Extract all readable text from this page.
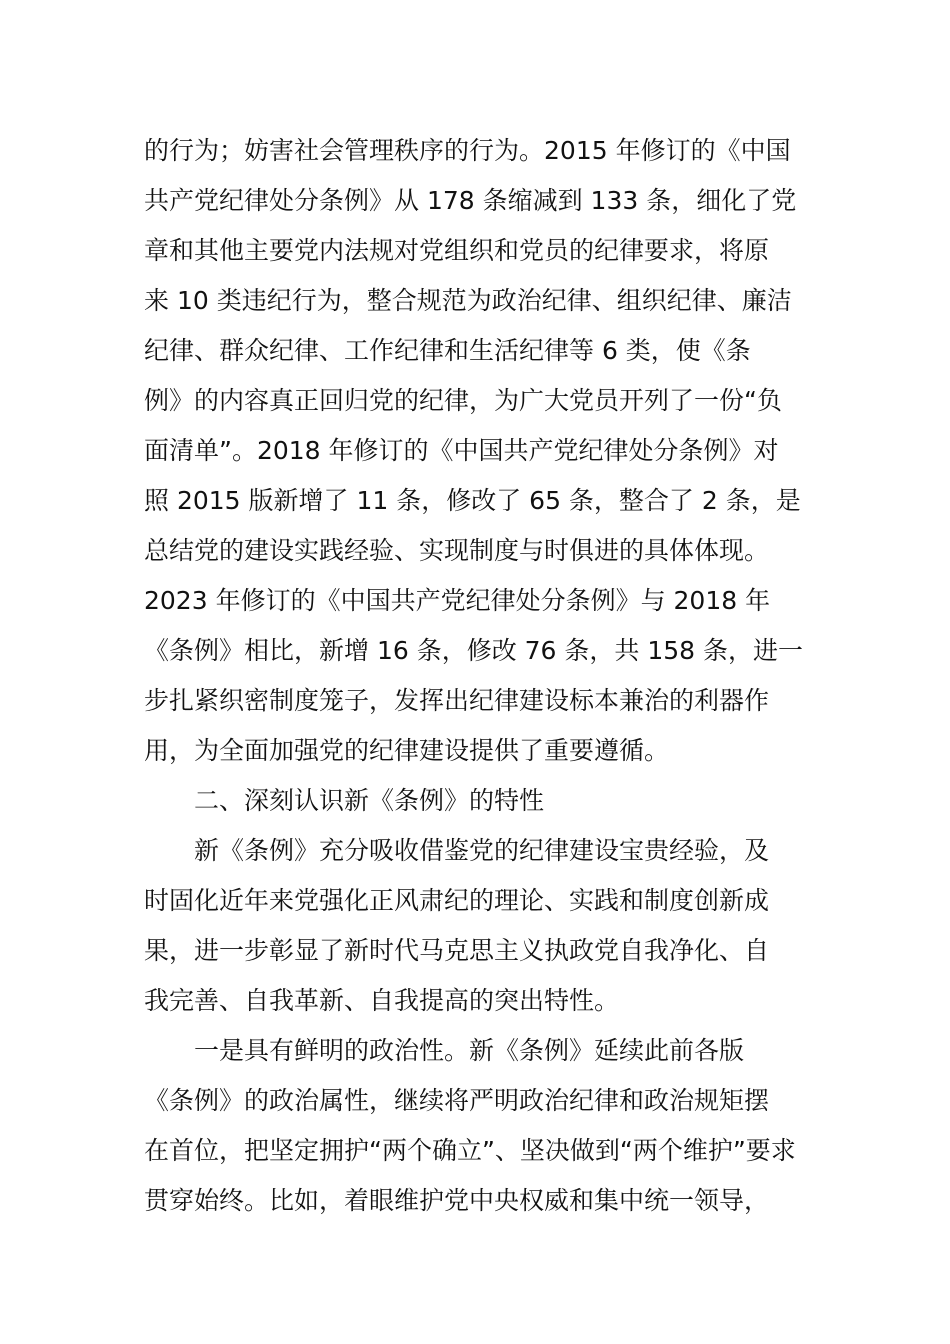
的行为；妨害社会管理秩序的行为。2015 年修订的《中国
共产党纪律处分条例》从 178 条缩减到 133 条，细化了党
章和其他主要党内法规对党组织和党员的纪律要求，将原
来 10 类违纪行为，整合规范为政治纪律、组织纪律、廉洁
纪律、群众纪律、工作纪律和生活纪律等 6 类，使《条
例》的内容真正回归党的纪律，为广大党员开列了一份“负
面清单”。2018 年修订的《中国共产党纪律处分条例》对
照 2015 版新增了 11 条，修改了 65 条，整合了 2 条，是
总结党的建设实践经验、实现制度与时俱进的具体体现。
2023 年修订的《中国共产党纪律处分条例》与 2018 年
《条例》相比，新增 16 条，修改 76 条，共 158 条，进一
步扎紧织密制度笼子，发挥出纪律建设标本兼治的利器作
用，为全面加强党的纪律建设提供了重要遵循。
二、深刻认识新《条例》的特性
新《条例》充分吸收借鉴党的纪律建设宝贵经验，及
时固化近年来党强化正风肃纪的理论、实践和制度创新成
果，进一步彰显了新时代马克思主义执政党自我净化、自
我完善、自我革新、自我提高的突出特性。
一是具有鲜明的政治性。新《条例》延续此前各版
《条例》的政治属性，继续将严明政治纪律和政治规矩摆
在首位，把坚定拥护“两个确立”、坚决做到“两个维护”要求
贯穿始终。比如，着眼维护党中央权威和集中统一领导，
